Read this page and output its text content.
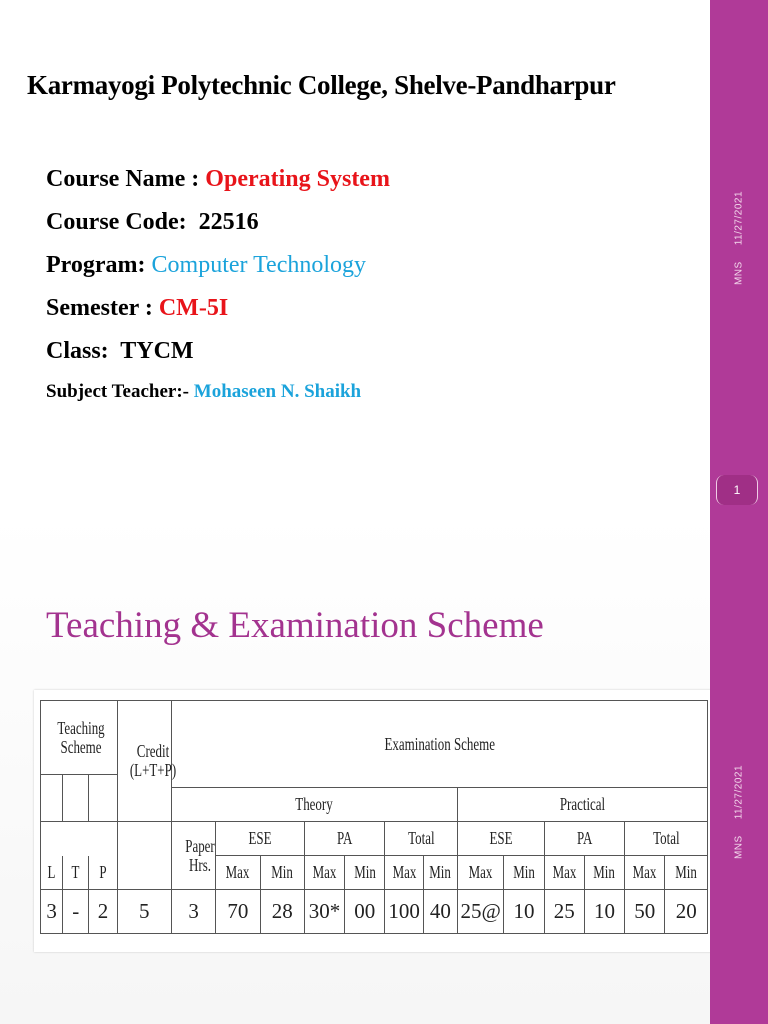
Karmayogi Polytechnic College, Shelve-Pandharpur
Course Name : Operating System
Course Code:  22516
Program: Computer Technology
Semester : CM-5I
Class:  TYCM
Subject Teacher:- Mohaseen N. Shaikh
MNS11/27/2021
1
Teaching & Examination Scheme
Teaching Scheme			Credit (L+T+P)	Examination Scheme												

				Theory							Practical					
				Paper Hrs.	ESE		PA		Total		ESE		PA		Total	
L	T	P			Max	Min	Max	Min	Max	Min	Max	Min	Max	Min	Max	Min
3	-	2	5	3	70	28	30*	00	100	40	25@	10	25	10	50	20
MNS11/27/2021
